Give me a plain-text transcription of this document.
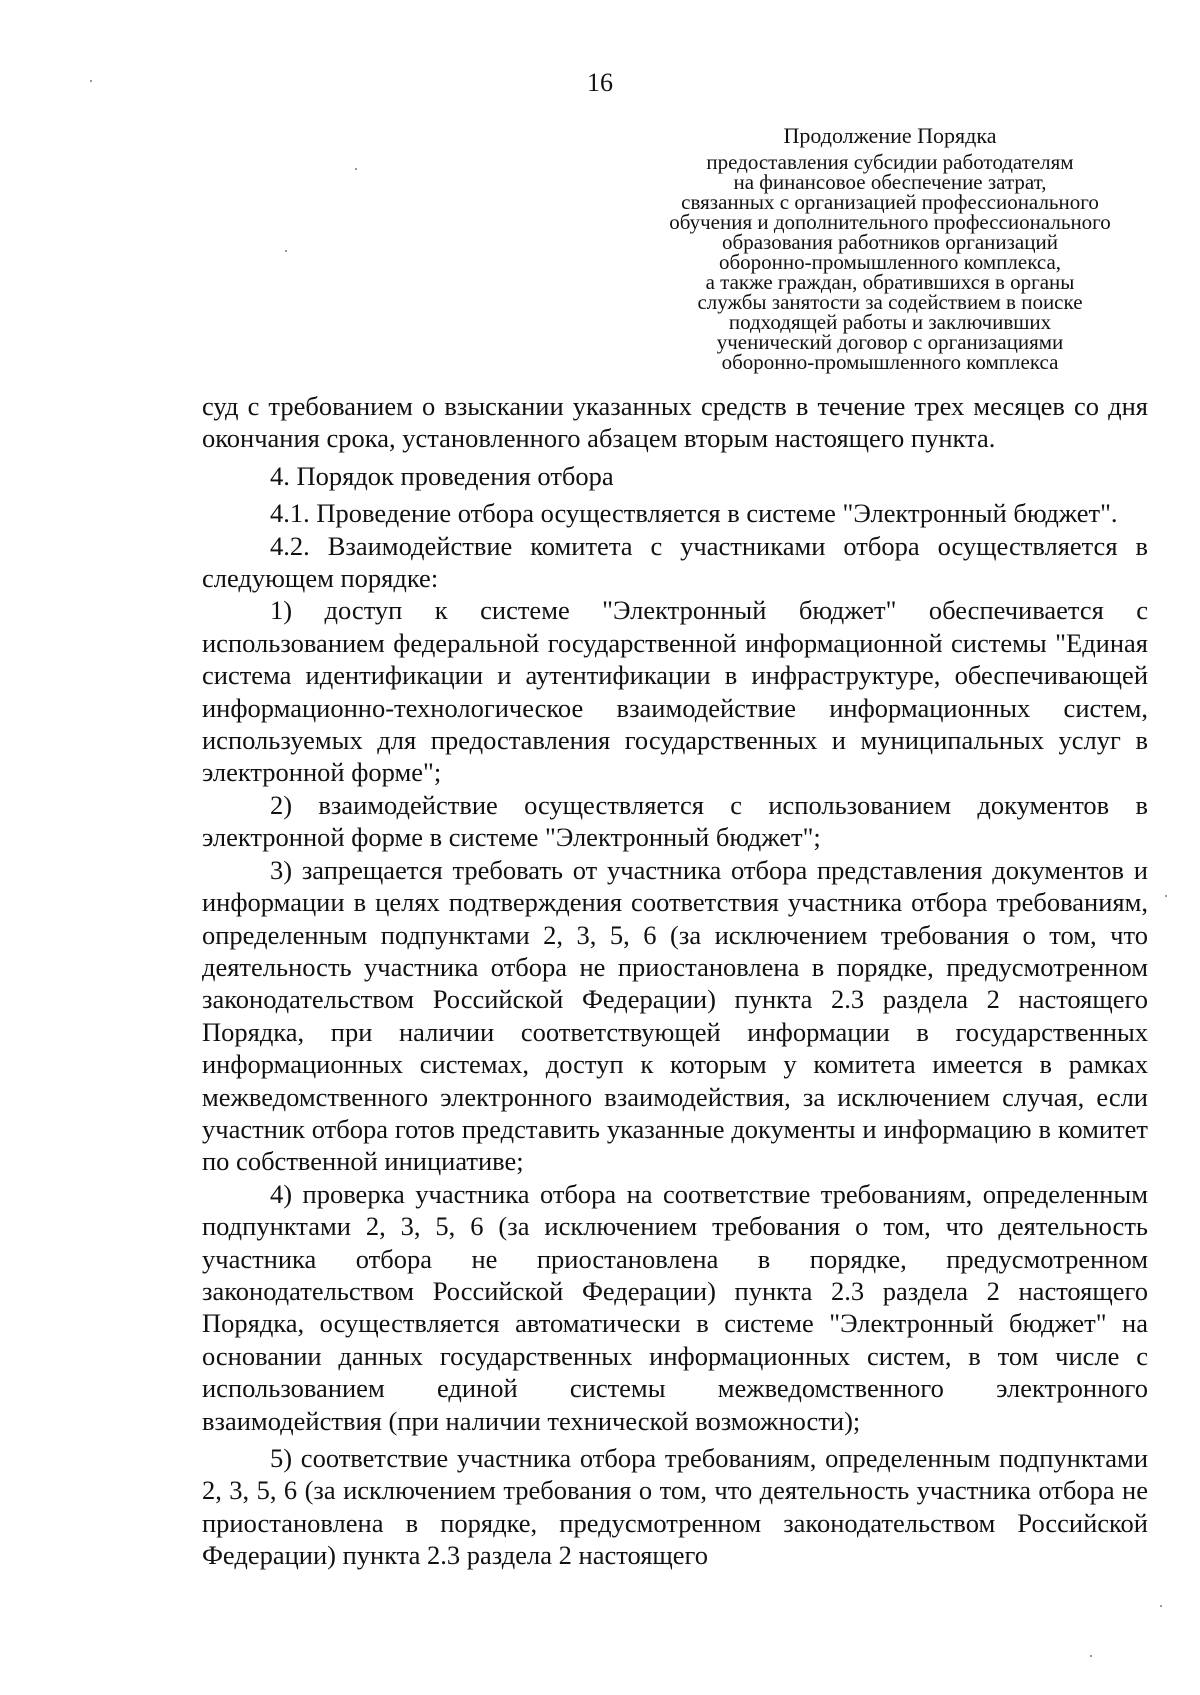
16
Продолжение Порядка
предоставления субсидии работодателям
на финансовое обеспечение затрат,
связанных с организацией профессионального
обучения и дополнительного профессионального
образования работников организаций
оборонно-промышленного комплекса,
а также граждан, обратившихся в органы
службы занятости за содействием в поиске
подходящей работы и заключивших
ученический договор с организациями
оборонно-промышленного комплекса

суд с требованием о взыскании указанных средств в течение трех месяцев со дня окончания срока, установленного абзацем вторым настоящего пункта.

4. Порядок проведения отбора

4.1. Проведение отбора осуществляется в системе "Электронный бюджет".

4.2. Взаимодействие комитета с участниками отбора осуществляется в следующем порядке:

1) доступ к системе "Электронный бюджет" обеспечивается с использованием федеральной государственной информационной системы "Единая система идентификации и аутентификации в инфраструктуре, обеспечивающей информационно-технологическое взаимодействие информационных систем, используемых для предоставления государственных и муниципальных услуг в электронной форме";

2) взаимодействие осуществляется с использованием документов в электронной форме в системе "Электронный бюджет";

3) запрещается требовать от участника отбора представления документов и информации в целях подтверждения соответствия участника отбора требованиям, определенным подпунктами 2, 3, 5, 6 (за исключением требования о том, что деятельность участника отбора не приостановлена в порядке, предусмотренном законодательством Российской Федерации) пункта 2.3 раздела 2 настоящего Порядка, при наличии соответствующей информации в государственных информационных системах, доступ к которым у комитета имеется в рамках межведомственного электронного взаимодействия, за исключением случая, если участник отбора готов представить указанные документы и информацию в комитет по собственной инициативе;

4) проверка участника отбора на соответствие требованиям, определенным подпунктами 2, 3, 5, 6 (за исключением требования о том, что деятельность участника отбора не приостановлена в порядке, предусмотренном законодательством Российской Федерации) пункта 2.3 раздела 2 настоящего Порядка, осуществляется автоматически в системе "Электронный бюджет" на основании данных государственных информационных систем, в том числе с использованием единой системы межведомственного электронного взаимодействия (при наличии технической возможности);

5) соответствие участника отбора требованиям, определенным подпунктами 2, 3, 5, 6 (за исключением требования о том, что деятельность участника отбора не приостановлена в порядке, предусмотренном законодательством Российской Федерации) пункта 2.3 раздела 2 настоящего
